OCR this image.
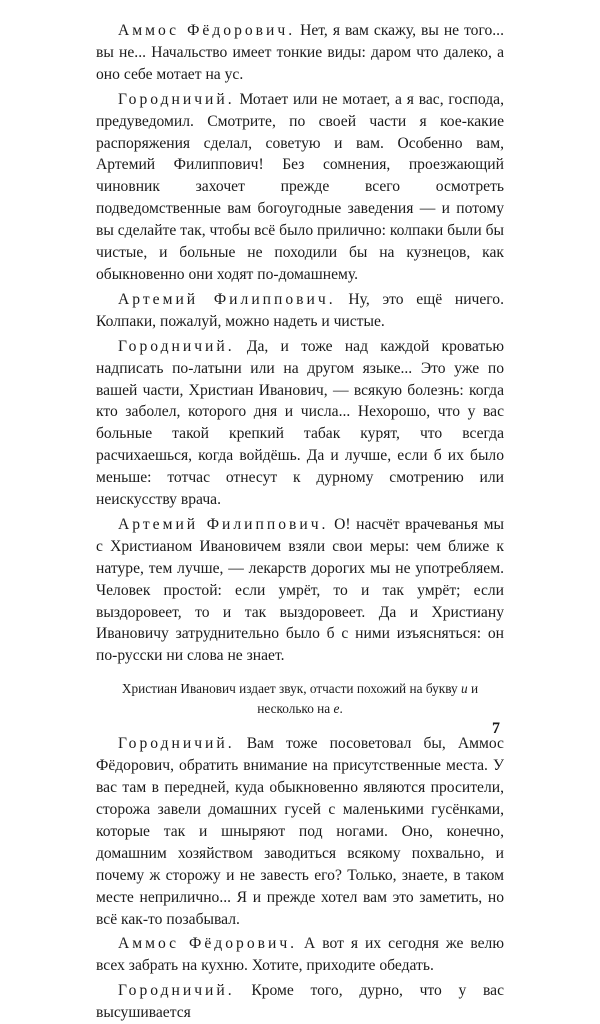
Аммос Фёдорович. Нет, я вам скажу, вы не того... вы не... Начальство имеет тонкие виды: даром что далеко, а оно себе мотает на ус.

Городничий. Мотает или не мотает, а я вас, господа, предуведомил. Смотрите, по своей части я кое-какие распоряжения сделал, советую и вам. Особенно вам, Артемий Филиппович! Без сомнения, проезжающий чиновник захочет прежде всего осмотреть подведомственные вам богоугодные заведения — и потому вы сделайте так, чтобы всё было прилично: колпаки были бы чистые, и больные не походили бы на кузнецов, как обыкновенно они ходят по-домашнему.

Артемий Филиппович. Ну, это ещё ничего. Колпаки, пожалуй, можно надеть и чистые.

Городничий. Да, и тоже над каждой кроватью надписать по-латыни или на другом языке... Это уже по вашей части, Христиан Иванович, — всякую болезнь: когда кто заболел, которого дня и числа... Нехорошо, что у вас больные такой крепкий табак курят, что всегда расчихаешься, когда войдёшь. Да и лучше, если б их было меньше: тотчас отнесут к дурному смотрению или неискусству врача.

Артемий Филиппович. О! насчёт врачеванья мы с Христианом Ивановичем взяли свои меры: чем ближе к натуре, тем лучше, — лекарств дорогих мы не употребляем. Человек простой: если умрёт, то и так умрёт; если выздоровеет, то и так выздоровеет. Да и Христиану Ивановичу затруднительно было б с ними изъясняться: он по-русски ни слова не знает.

Христиан Иванович издает звук, отчасти похожий на букву и и несколько на е.

Городничий. Вам тоже посоветовал бы, Аммос Фёдорович, обратить внимание на присутственные места. У вас там в передней, куда обыкновенно являются просители, сторожа завели домашних гусей с маленькими гусёнками, которые так и шныряют под ногами. Оно, конечно, домашним хозяйством заводиться всякому похвально, и почему ж сторожу и не завесть его? Только, знаете, в таком месте неприлично... Я и прежде хотел вам это заметить, но всё как-то позабывал.

Аммос Фёдорович. А вот я их сегодня же велю всех забрать на кухню. Хотите, приходите обедать.

Городничий. Кроме того, дурно, что у вас высушивается

7
